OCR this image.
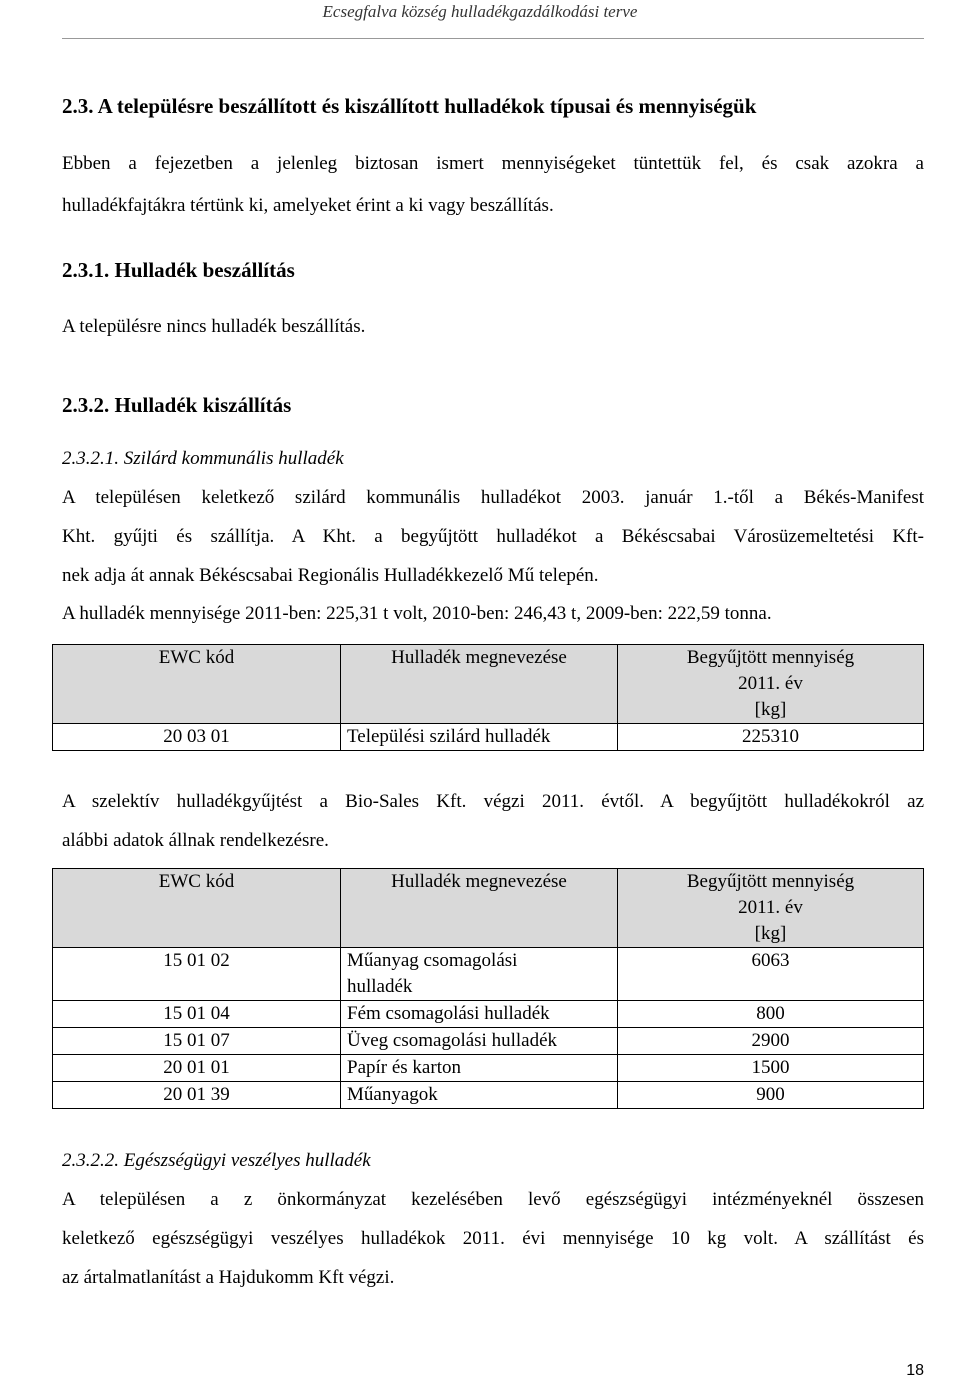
Ecsegfalva község hulladékgazdálkodási terve
2.3. A településre beszállított és kiszállított hulladékok típusai és mennyiségük
Ebben a fejezetben a jelenleg biztosan ismert mennyiségeket tüntettük fel, és csak azokra a
hulladékfajtákra tértünk ki, amelyeket érint a ki vagy beszállítás.
2.3.1. Hulladék beszállítás
A településre nincs hulladék beszállítás.
2.3.2. Hulladék kiszállítás
2.3.2.1. Szilárd kommunális hulladék
A településen keletkező szilárd kommunális hulladékot 2003. január 1.-től a Békés-Manifest
Kht. gyűjti és szállítja. A Kht. a begyűjtött hulladékot a Békéscsabai Városüzemeltetési Kft-
nek adja át annak Békéscsabai Regionális Hulladékkezelő Mű telepén.
A hulladék mennyisége 2011-ben: 225,31 t volt, 2010-ben: 246,43 t, 2009-ben: 222,59 tonna.
EWC kód	Hulladék megnevezése	Begyűjtött mennyiség
2011. év
[kg]

20 03 01	Települési szilárd hulladék	225310
A szelektív hulladékgyűjtést a Bio-Sales Kft. végzi 2011. évtől. A begyűjtött hulladékokról az
alábbi adatok állnak rendelkezésre.
EWC kód	Hulladék megnevezése	Begyűjtött mennyiség
2011. év
[kg]

15 01 02	Műanyag csomagolási
hulladék	6063
15 01 04	Fém csomagolási hulladék	800
15 01 07	Üveg csomagolási hulladék	2900
20 01 01	Papír és karton	1500
20 01 39	Műanyagok	900
2.3.2.2. Egészségügyi veszélyes hulladék
A településen a z önkormányzat kezelésében levő egészségügyi intézményeknél összesen
keletkező egészségügyi veszélyes hulladékok 2011. évi mennyisége 10 kg volt. A szállítást és
az ártalmatlanítást a Hajdukomm Kft végzi.
18
